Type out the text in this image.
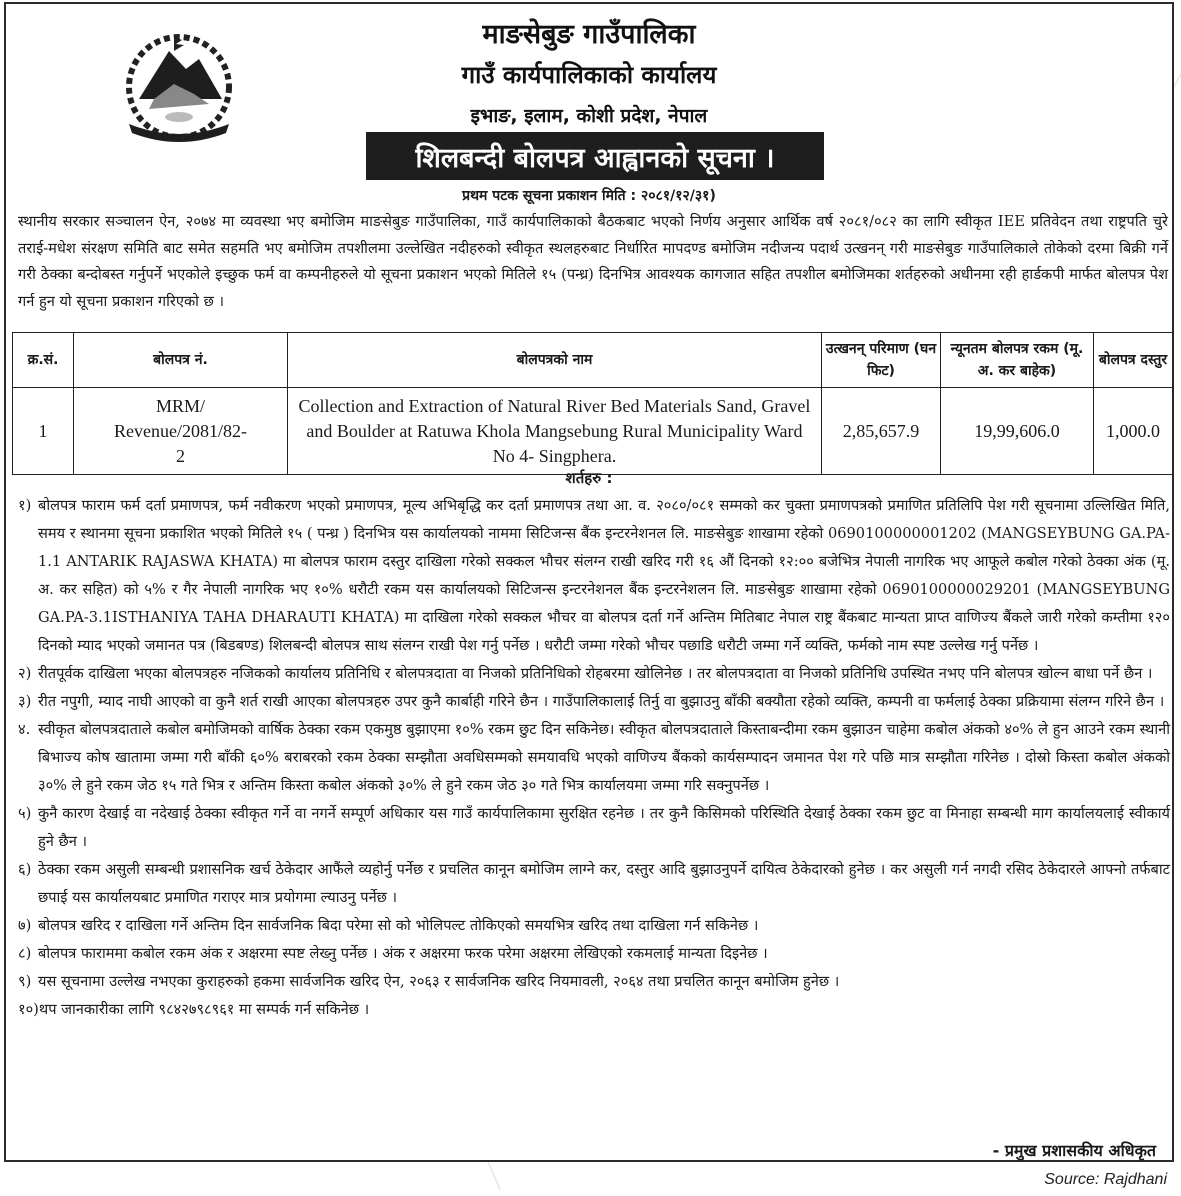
माङसेबुङ गाउँपालिका
गाउँ कार्यपालिकाको कार्यालय
इभाङ, इलाम, कोशी प्रदेश, नेपाल
शिलबन्दी बोलपत्र आह्वानको सूचना ।
प्रथम पटक सूचना प्रकाशन मिति : २०८१/१२/३१)
स्थानीय सरकार सञ्चालन ऐन, २०७४ मा व्यवस्था भए बमोजिम माङसेबुङ गाउँपालिका, गाउँ कार्यपालिकाको बैठकबाट भएको निर्णय अनुसार आर्थिक वर्ष २०८१/०८२ का लागि स्वीकृत IEE प्रतिवेदन तथा राष्ट्रपति चुरे तराई-मधेश संरक्षण समिति बाट समेत सहमति भए बमोजिम तपशीलमा उल्लेखित नदीहरुको स्वीकृत स्थलहरुबाट निर्धारित मापदण्ड बमोजिम नदीजन्य पदार्थ उत्खनन् गरी माङसेबुङ गाउँपालिकाले तोकेको दरमा बिक्री गर्ने गरी ठेक्का बन्दोबस्त गर्नुपर्ने भएकोले इच्छुक फर्म वा कम्पनीहरुले यो सूचना प्रकाशन भएको मितिले १५ (पन्ध्र) दिनभित्र आवश्यक कागजात सहित तपशील बमोजिमका शर्तहरुको अधीनमा रही हार्डकपी मार्फत बोलपत्र पेश गर्न हुन यो सूचना प्रकाशन गरिएको छ ।
क्र.सं.	बोलपत्र नं.	बोलपत्रको नाम	उत्खनन् परिमाण (घन फिट)	न्यूनतम बोलपत्र रकम (मू. अ. कर बाहेक)	बोलपत्र दस्तुर
1	MRM/ Revenue/2081/82-2	Collection and Extraction of Natural River Bed Materials Sand, Gravel and Boulder at Ratuwa Khola Mangsebung Rural Municipality Ward No 4- Singphera.	2,85,657.9	19,99,606.0	1,000.0
शर्तहरु :
१) बोलपत्र फाराम फर्म दर्ता प्रमाणपत्र, फर्म नवीकरण भएको प्रमाणपत्र, मूल्य अभिबृद्धि कर दर्ता प्रमाणपत्र तथा आ. व. २०८०/०८१ सम्मको कर चुक्ता प्रमाणपत्रको प्रमाणित प्रतिलिपि पेश गरी सूचनामा उल्लिखित मिति, समय र स्थानमा सूचना प्रकाशित भएको मितिले १५ ( पन्ध्र ) दिनभित्र यस कार्यालयको नाममा सिटिजन्स बैंक इन्टरनेशनल लि. माङसेबुङ शाखामा रहेको 0690100000001202 (MANGSEYBUNG GA.PA-1.1 ANTARIK RAJASWA KHATA) मा बोलपत्र फाराम दस्तुर दाखिला गरेको सक्कल भौचर संलग्न राखी खरिद गरी १६ औं दिनको १२:०० बजेभित्र नेपाली नागरिक भए आफूले कबोल गरेको ठेक्का अंक (मू. अ. कर सहित) को ५% र गैर नेपाली नागरिक भए १०% धरौटी रकम यस कार्यालयको सिटिजन्स इन्टरनेशनल बैंक इन्टरनेशलन लि. माङसेबुङ शाखामा रहेको 0690100000029201 (MANGSEYBUNG GA.PA-3.1ISTHANIYA TAHA DHARAUTI KHATA) मा दाखिला गरेको सक्कल भौचर वा बोलपत्र दर्ता गर्ने अन्तिम मितिबाट नेपाल राष्ट्र बैंकबाट मान्यता प्राप्त वाणिज्य बैंकले जारी गरेको कम्तीमा १२० दिनको म्याद भएको जमानत पत्र (बिडबण्ड) शिलबन्दी बोलपत्र साथ संलग्न राखी पेश गर्नु पर्नेछ । धरौटी जम्मा गरेको भौचर पछाडि धरौटी जम्मा गर्ने व्यक्ति, फर्मको नाम स्पष्ट उल्लेख गर्नु पर्नेछ ।
२) रीतपूर्वक दाखिला भएका बोलपत्रहरु नजिकको कार्यालय प्रतिनिधि र बोलपत्रदाता वा निजको प्रतिनिधिको रोहबरमा खोलिनेछ । तर बोलपत्रदाता वा निजको प्रतिनिधि उपस्थित नभए पनि बोलपत्र खोल्न बाधा पर्ने छैन ।
३) रीत नपुगी, म्याद नाघी आएको वा कुनै शर्त राखी आएका बोलपत्रहरु उपर कुनै कार्बाही गरिने छैन । गाउँपालिकालाई तिर्नु वा बुझाउनु बाँकी बक्यौता रहेको व्यक्ति, कम्पनी वा फर्मलाई ठेक्का प्रक्रियामा संलग्न गरिने छैन ।
४. स्वीकृत बोलपत्रदाताले कबोल बमोजिमको वार्षिक ठेक्का रकम एकमुष्ठ बुझाएमा १०% रकम छुट दिन सकिनेछ। स्वीकृत बोलपत्रदाताले किस्ताबन्दीमा रकम बुझाउन चाहेमा कबोल अंकको ४०% ले हुन आउने रकम स्थानी बिभाज्य कोष खातामा जम्मा गरी बाँकी ६०% बराबरको रकम ठेक्का सम्झौता अवधिसम्मको समयावधि भएको वाणिज्य बैंकको कार्यसम्पादन जमानत पेश गरे पछि मात्र सम्झौता गरिनेछ । दोस्रो किस्ता कबोल अंकको ३०% ले हुने रकम जेठ १५ गते भित्र र अन्तिम किस्ता कबोल अंकको ३०% ले हुने रकम जेठ ३० गते भित्र कार्यालयमा जम्मा गरि सक्नुपर्नेछ ।
५) कुनै कारण देखाई वा नदेखाई ठेक्का स्वीकृत गर्ने वा नगर्ने सम्पूर्ण अधिकार यस गाउँ कार्यपालिकामा सुरक्षित रहनेछ । तर कुनै किसिमको परिस्थिति देखाई ठेक्का रकम छुट वा मिनाहा सम्बन्धी माग कार्यालयलाई स्वीकार्य हुने छैन ।
६) ठेक्का रकम असुली सम्बन्धी प्रशासनिक खर्च ठेकेदार आफैंले व्यहोर्नु पर्नेछ र प्रचलित कानून बमोजिम लाग्ने कर, दस्तुर आदि बुझाउनुपर्ने दायित्व ठेकेदारको हुनेछ । कर असुली गर्न नगदी रसिद ठेकेदारले आफ्नो तर्फबाट छपाई यस कार्यालयबाट प्रमाणित गराएर मात्र प्रयोगमा ल्याउनु पर्नेछ ।
७) बोलपत्र खरिद र दाखिला गर्ने अन्तिम दिन सार्वजनिक बिदा परेमा सो को भोलिपल्ट तोकिएको समयभित्र खरिद तथा दाखिला गर्न सकिनेछ ।
८) बोलपत्र फाराममा कबोल रकम अंक र अक्षरमा स्पष्ट लेख्नु पर्नेछ । अंक र अक्षरमा फरक परेमा अक्षरमा लेखिएको रकमलाई मान्यता दिइनेछ ।
९) यस सूचनामा उल्लेख नभएका कुराहरुको हकमा सार्वजनिक खरिद ऐन, २०६३ र सार्वजनिक खरिद नियमावली, २०६४ तथा प्रचलित कानून बमोजिम हुनेछ ।
१०) थप जानकारीका लागि ९८४२७९८९६१ मा सम्पर्क गर्न सकिनेछ ।
- प्रमुख प्रशासकीय अधिकृत
Source: Rajdhani
